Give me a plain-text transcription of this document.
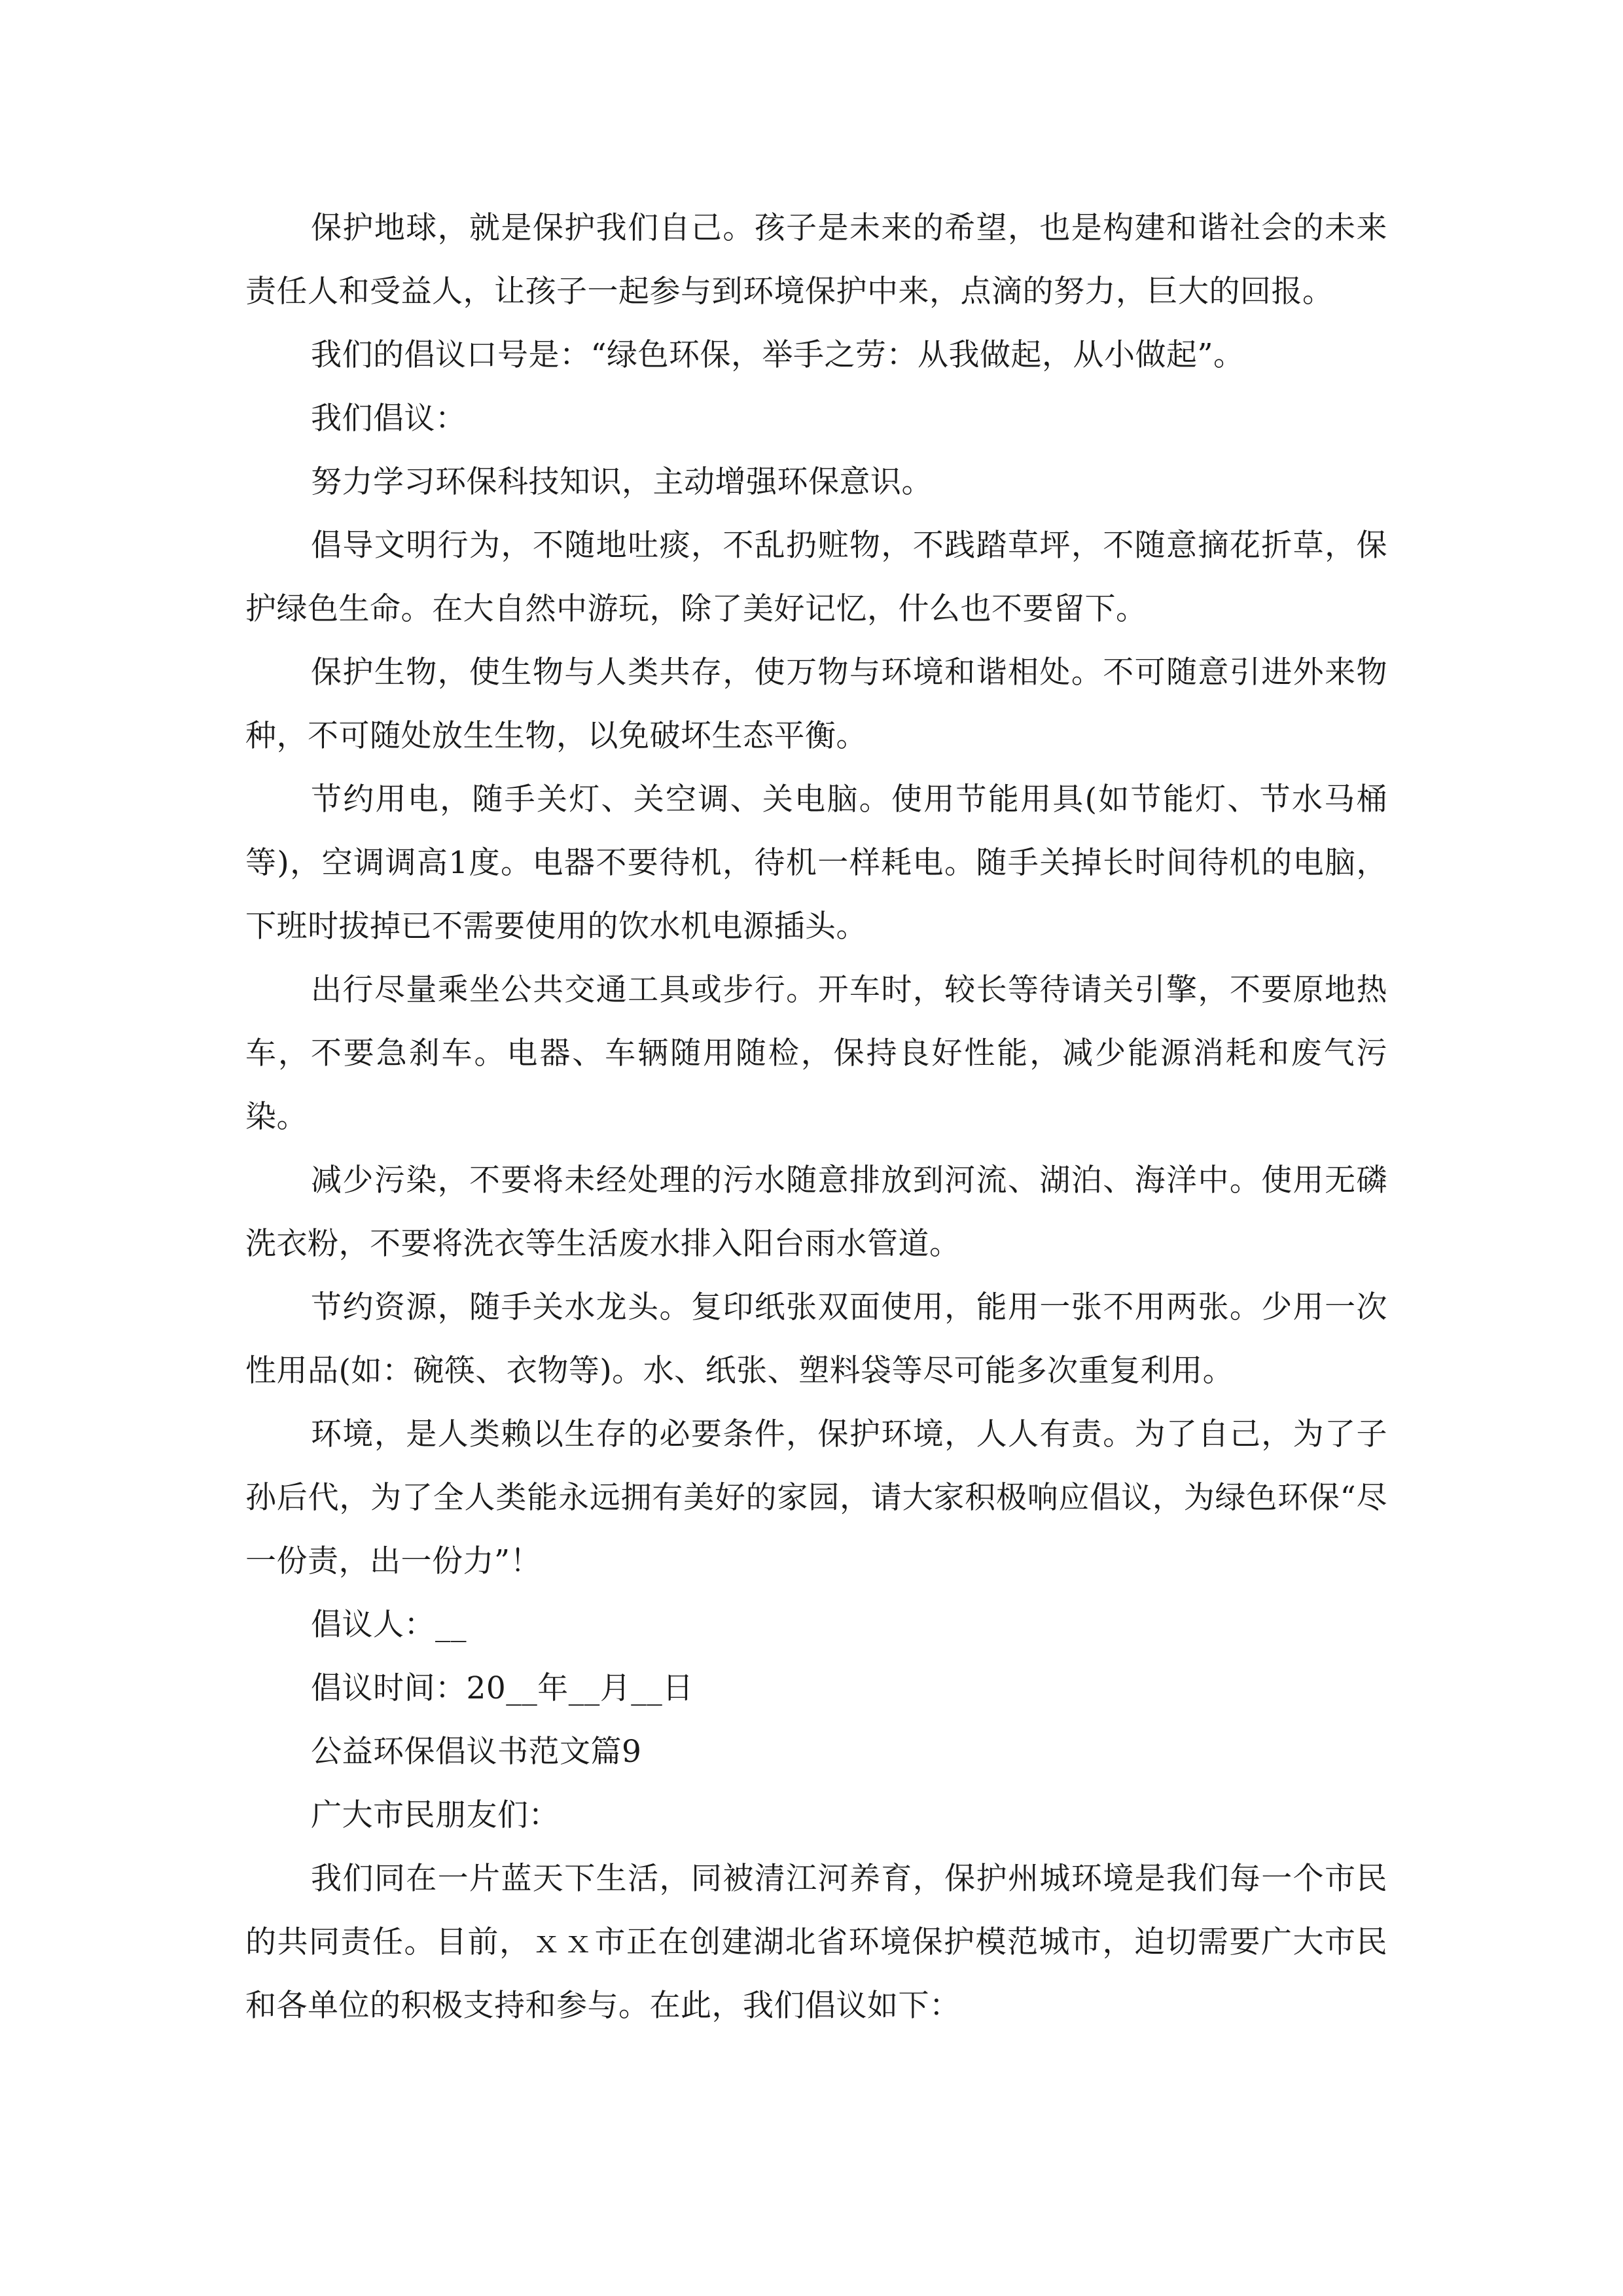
保护地球，就是保护我们自己。孩子是未来的希望，也是构建和谐社会的未来责任人和受益人，让孩子一起参与到环境保护中来，点滴的努力，巨大的回报。

我们的倡议口号是：“绿色环保，举手之劳：从我做起，从小做起”。

我们倡议：

努力学习环保科技知识，主动增强环保意识。

倡导文明行为，不随地吐痰，不乱扔赃物，不践踏草坪，不随意摘花折草，保护绿色生命。在大自然中游玩，除了美好记忆，什么也不要留下。

保护生物，使生物与人类共存，使万物与环境和谐相处。不可随意引进外来物种，不可随处放生生物，以免破坏生态平衡。

节约用电，随手关灯、关空调、关电脑。使用节能用具(如节能灯、节水马桶等)，空调调高1度。电器不要待机，待机一样耗电。随手关掉长时间待机的电脑，下班时拔掉已不需要使用的饮水机电源插头。

出行尽量乘坐公共交通工具或步行。开车时，较长等待请关引擎，不要原地热车，不要急刹车。电器、车辆随用随检，保持良好性能，减少能源消耗和废气污染。

减少污染，不要将未经处理的污水随意排放到河流、湖泊、海洋中。使用无磷洗衣粉，不要将洗衣等生活废水排入阳台雨水管道。

节约资源，随手关水龙头。复印纸张双面使用，能用一张不用两张。少用一次性用品(如：碗筷、衣物等)。水、纸张、塑料袋等尽可能多次重复利用。

环境，是人类赖以生存的必要条件，保护环境，人人有责。为了自己，为了子孙后代，为了全人类能永远拥有美好的家园，请大家积极响应倡议，为绿色环保“尽一份责，出一份力”！

倡议人：__

倡议时间：20__年__月__日

公益环保倡议书范文篇9

广大市民朋友们：

我们同在一片蓝天下生活，同被清江河养育，保护州城环境是我们每一个市民的共同责任。目前，ｘｘ市正在创建湖北省环境保护模范城市，迫切需要广大市民和各单位的积极支持和参与。在此，我们倡议如下：
